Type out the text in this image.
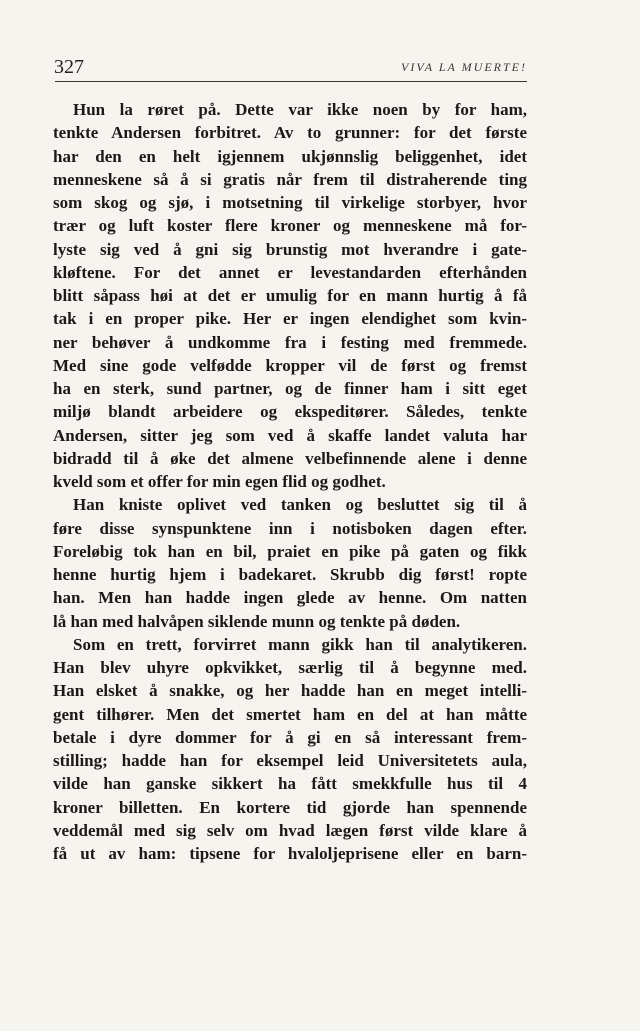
327	VIVA LA MUERTE!
Hun la røret på. Dette var ikke noen by for ham,
tenkte Andersen forbitret. Av to grunner: for det første
har den en helt igjennem ukjønnslig beliggenhet, idet
menneskene så å si gratis når frem til distraherende ting
som skog og sjø, i motsetning til virkelige storbyer, hvor
trær og luft koster flere kroner og menneskene må for-
lyste sig ved å gni sig brunstig mot hverandre i gate-
kløftene. For det annet er levestandarden efterhånden
blitt såpass høi at det er umulig for en mann hurtig å få
tak i en proper pike. Her er ingen elendighet som kvin-
ner behøver å undkomme fra i festing med fremmede.
Med sine gode velfødde kropper vil de først og fremst
ha en sterk, sund partner, og de finner ham i sitt eget
miljø blandt arbeidere og ekspeditører. Således, tenkte
Andersen, sitter jeg som ved å skaffe landet valuta har
bidradd til å øke det almene velbefinnende alene i denne
kveld som et offer for min egen flid og godhet.
Han kniste oplivet ved tanken og besluttet sig til å
føre disse synspunktene inn i notisboken dagen efter.
Foreløbig tok han en bil, praiet en pike på gaten og fikk
henne hurtig hjem i badekaret. Skrubb dig først! ropte
han. Men han hadde ingen glede av henne. Om natten
lå han med halvåpen siklende munn og tenkte på døden.
Som en trett, forvirret mann gikk han til analytikeren.
Han blev uhyre opkvikket, særlig til å begynne med.
Han elsket å snakke, og her hadde han en meget intelli-
gent tilhører. Men det smertet ham en del at han måtte
betale i dyre dommer for å gi en så interessant frem-
stilling; hadde han for eksempel leid Universitetets aula,
vilde han ganske sikkert ha fått smekkfulle hus til 4
kroner billetten. En kortere tid gjorde han spennende
veddemål med sig selv om hvad lægen først vilde klare å
få ut av ham: tipsene for hvaloljeprisene eller en barn-
